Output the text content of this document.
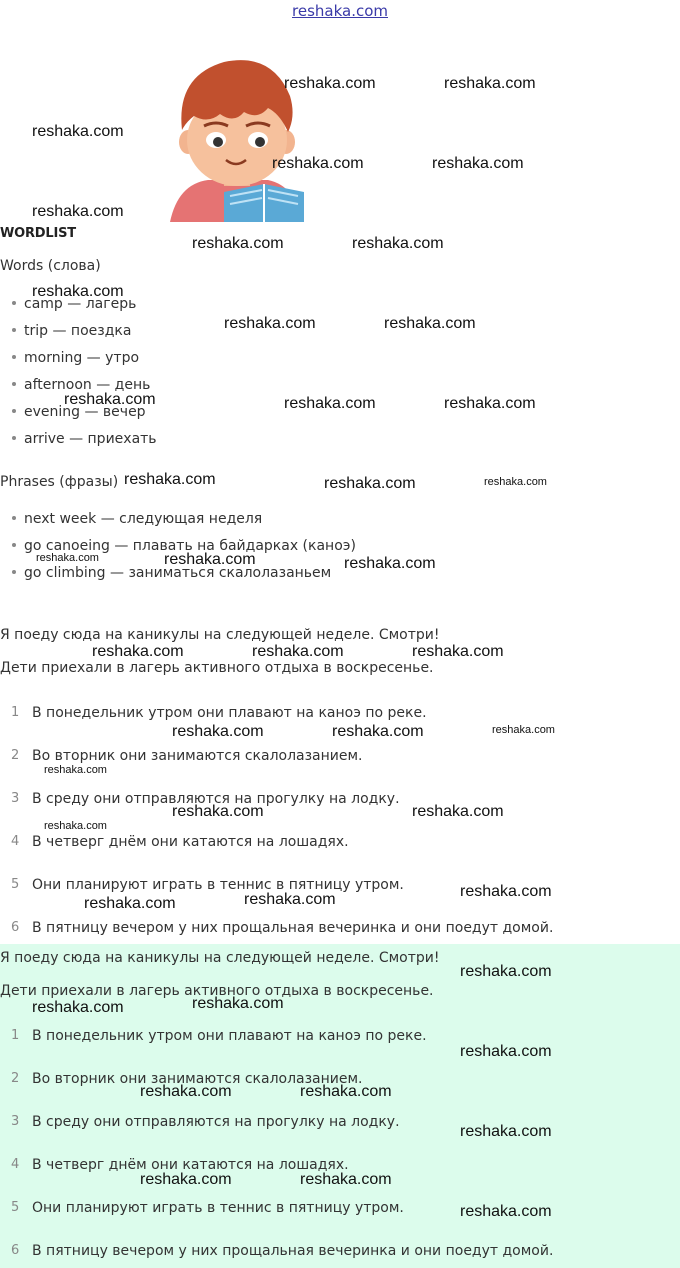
reshaka.com
WORDLIST
Words (слова)
camp — лагерь
trip — поездка
morning — утро
afternoon — день
evening — вечер
arrive — приехать
Phrases (фразы)
next week — следующая неделя
go canoeing — плавать на байдарках (каноэ)
go climbing — заниматься скалолазаньем
Я поеду сюда на каникулы на следующей неделе. Смотри!
Дети приехали в лагерь активного отдыха в воскресенье.
1 В понедельник утром они плавают на каноэ по реке.
2 Во вторник они занимаются скалолазанием.
3 В среду они отправляются на прогулку на лодку.
4 В четверг днём они катаются на лошадях.
5 Они планируют играть в теннис в пятницу утром.
6 В пятницу вечером у них прощальная вечеринка и они поедут домой.
Я поеду сюда на каникулы на следующей неделе. Смотри!
Дети приехали в лагерь активного отдыха в воскресенье.
1 В понедельник утром они плавают на каноэ по реке.
2 Во вторник они занимаются скалолазанием.
3 В среду они отправляются на прогулку на лодку.
4 В четверг днём они катаются на лошадях.
5 Они планируют играть в теннис в пятницу утром.
6 В пятницу вечером у них прощальная вечеринка и они поедут домой.
reshaka.com	reshaka.com
reshaka.com
reshaka.com	reshaka.com
reshaka.com
reshaka.com	reshaka.com
reshaka.com
reshaka.com	reshaka.com
reshaka.com	reshaka.com	reshaka.com
reshaka.com	reshaka.com	reshaka.com
reshaka.com
reshaka.com	reshaka.com
reshaka.com	reshaka.com	reshaka.com
reshaka.com	reshaka.com	reshaka.com
reshaka.com
reshaka.com	reshaka.com
reshaka.com
reshaka.com
reshaka.com
reshaka.com
reshaka.com
reshaka.com
reshaka.com
reshaka.com
reshaka.com	reshaka.com
reshaka.com
reshaka.com	reshaka.com
reshaka.com
